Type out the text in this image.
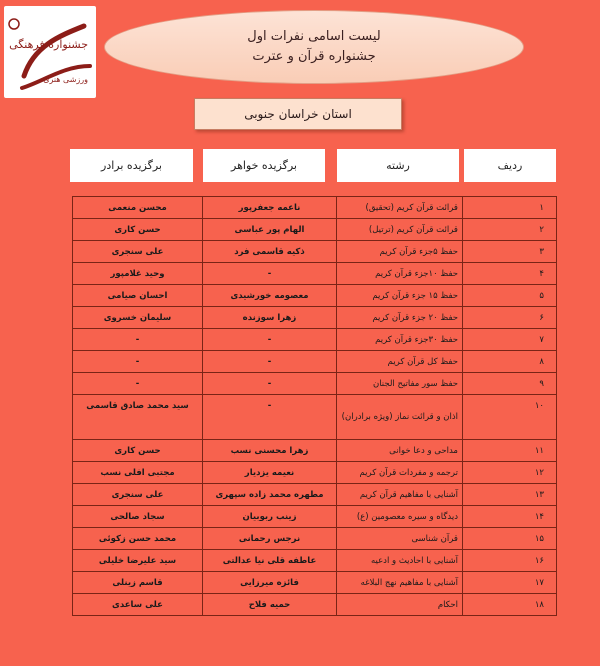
جشنواره فرهنگی
ورزشی هنری
لیست اسامی نفرات اول
جشنواره قرآن و عترت
استان خراسان جنوبی
برگزیده برادر	برگزیده خواهر	رشته	ردیف
محسن منعمی	ناعمه جعفرپور	قرائت قرآن کریم (تحقیق)	۱
حسن کاری	الهام پور عباسی	قرائت قرآن کریم (ترتیل)	۲
علی سنجری	ذکیه قاسمی فرد	حفظ ۵جزء قرآن کریم	۳
وحید غلامپور	-	حفظ ۱۰جزء قرآن کریم	۴
احسان صیامی	معصومه خورشیدی	حفظ ۱۵ جزء قرآن کریم	۵
سلیمان خسروی	زهرا سوزنده	حفظ ۲۰ جزء قرآن کریم	۶
-	-	حفظ ۳۰جزء قرآن کریم	۷
-	-	حفظ کل قرآن کریم	۸
-	-	حفظ سور مفاتیح الجنان	۹
سید محمد صادق قاسمی	-	اذان و قرائت نماز (ویژه برادران)	۱۰
حسن کاری	زهرا محسنی نسب	مداحی و دعا خوانی	۱۱
مجتبی افلی نسب	نعیمه یزدیار	ترجمه و مفردات قرآن کریم	۱۲
علی سنجری	مطهره محمد زاده سپهری	آشنایی با مفاهیم قرآن کریم	۱۳
سجاد صالحی	زینب ربوبیان	دیدگاه و سیره معصومین (ع)	۱۴
محمد حسن زکوئی	نرجس رحمانی	قرآن شناسی	۱۵
سید علیرضا خلیلی	عاطفه قلی نیا عدالتی	آشنایی با احادیث و ادعیه	۱۶
قاسم زینلی	فائزه میرزایی	آشنایی با مفاهیم نهج البلاغه	۱۷
علی ساعدی	حمیه فلاح	احکام	۱۸
